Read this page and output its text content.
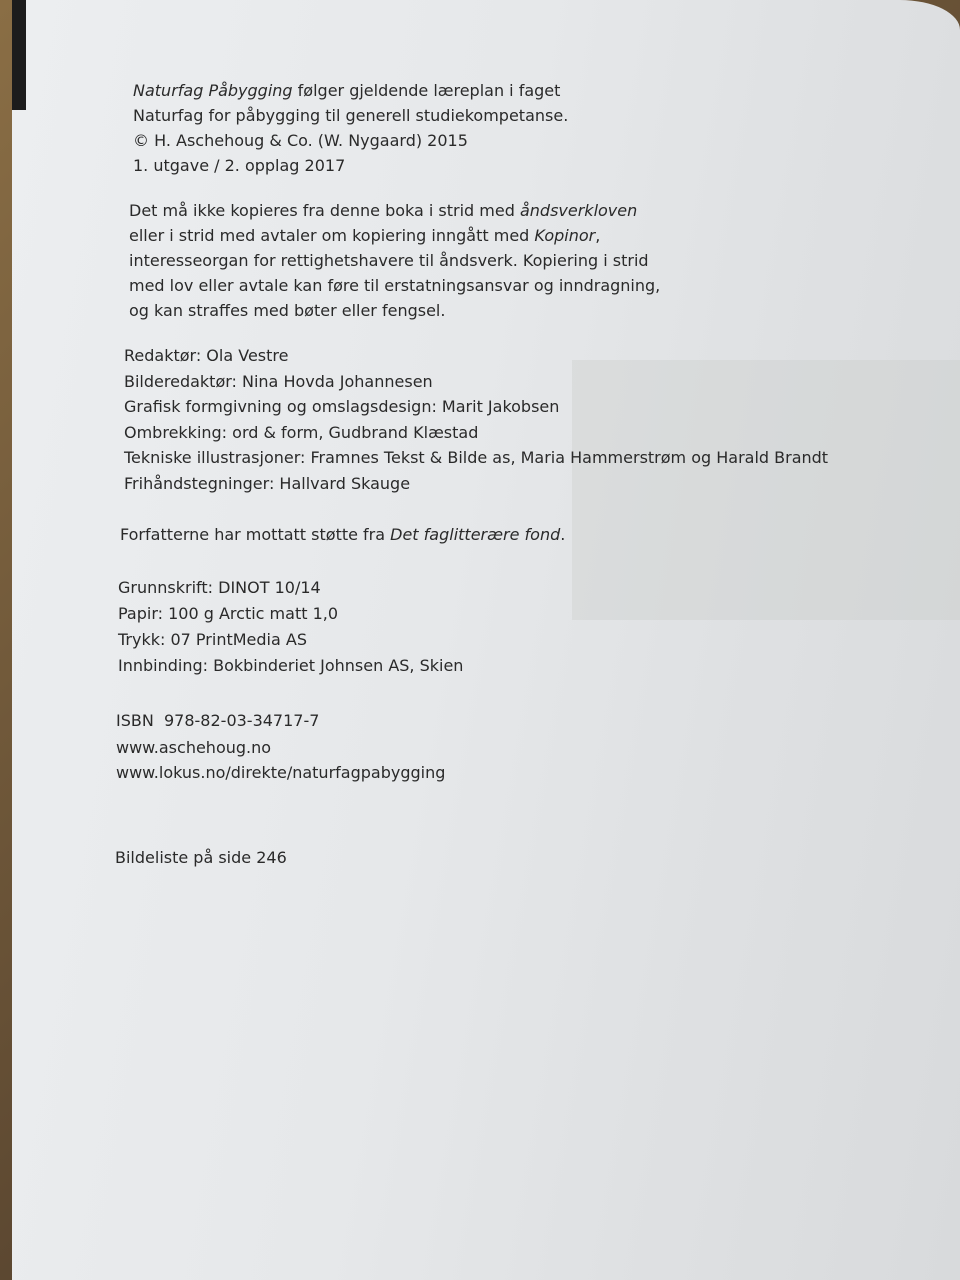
Naturfag Påbygging følger gjeldende læreplan i faget
Naturfag for påbygging til generell studiekompetanse.
© H. Aschehoug & Co. (W. Nygaard) 2015
1. utgave / 2. opplag 2017
Det må ikke kopieres fra denne boka i strid med åndsverkloven eller i strid med avtaler om kopiering inngått med Kopinor, interesseorgan for rettighetshavere til åndsverk. Kopiering i strid med lov eller avtale kan føre til erstatningsansvar og inndragning, og kan straffes med bøter eller fengsel.
Redaktør: Ola Vestre
Bilderedaktør: Nina Hovda Johannesen
Grafisk formgivning og omslagsdesign: Marit Jakobsen
Ombrekking: ord & form, Gudbrand Klæstad
Tekniske illustrasjoner: Framnes Tekst & Bilde as, Maria Hammerstrøm og Harald Brandt
Frihåndstegninger: Hallvard Skauge
Forfatterne har mottatt støtte fra Det faglitterære fond.
Grunnskrift: DINOT 10/14
Papir: 100 g Arctic matt 1,0
Trykk: 07 PrintMedia AS
Innbinding: Bokbinderiet Johnsen AS, Skien
ISBN  978-82-03-34717-7
www.aschehoug.no
www.lokus.no/direkte/naturfagpabygging
Bildeliste på side 246
